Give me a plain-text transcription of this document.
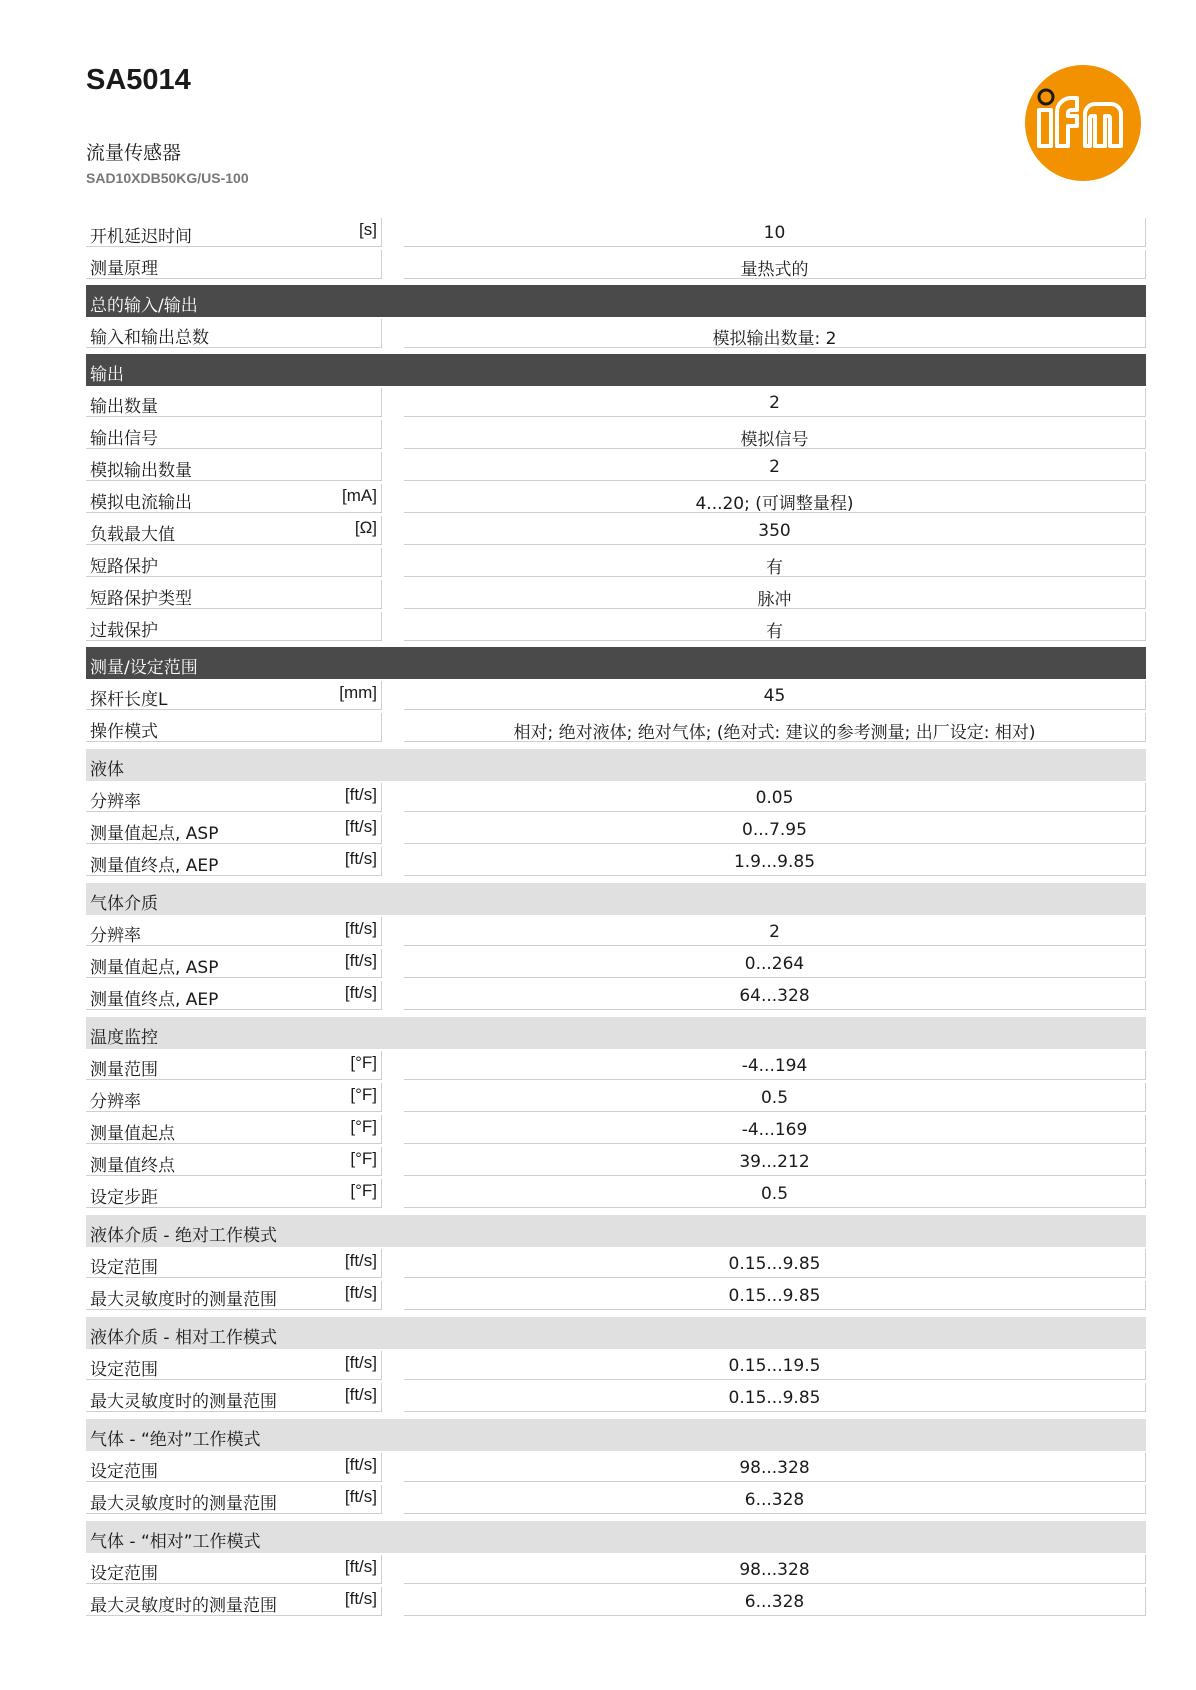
SA5014
流量传感器
SAD10XDB50KG/US-100
开机延迟时间	[s]	10
测量原理	量热式的
总的输入/输出
输入和输出总数	模拟输出数量: 2
输出
输出数量	2
输出信号	模拟信号
模拟输出数量	2
模拟电流输出	[mA]	4...20; (可调整量程)
负载最大值	[Ω]	350
短路保护	有
短路保护类型	脉冲
过载保护	有
测量/设定范围
探杆长度L	[mm]	45
操作模式	相对; 绝对液体; 绝对气体; (绝对式: 建议的参考测量; 出厂设定: 相对)
液体
分辨率	[ft/s]	0.05
测量值起点, ASP	[ft/s]	0...7.95
测量值终点, AEP	[ft/s]	1.9...9.85
气体介质
分辨率	[ft/s]	2
测量值起点, ASP	[ft/s]	0...264
测量值终点, AEP	[ft/s]	64...328
温度监控
测量范围	[°F]	-4...194
分辨率	[°F]	0.5
测量值起点	[°F]	-4...169
测量值终点	[°F]	39...212
设定步距	[°F]	0.5
液体介质 - 绝对工作模式
设定范围	[ft/s]	0.15...9.85
最大灵敏度时的测量范围	[ft/s]	0.15...9.85
液体介质 - 相对工作模式
设定范围	[ft/s]	0.15...19.5
最大灵敏度时的测量范围	[ft/s]	0.15...9.85
气体 - “绝对”工作模式
设定范围	[ft/s]	98...328
最大灵敏度时的测量范围	[ft/s]	6...328
气体 - “相对”工作模式
设定范围	[ft/s]	98...328
最大灵敏度时的测量范围	[ft/s]	6...328
